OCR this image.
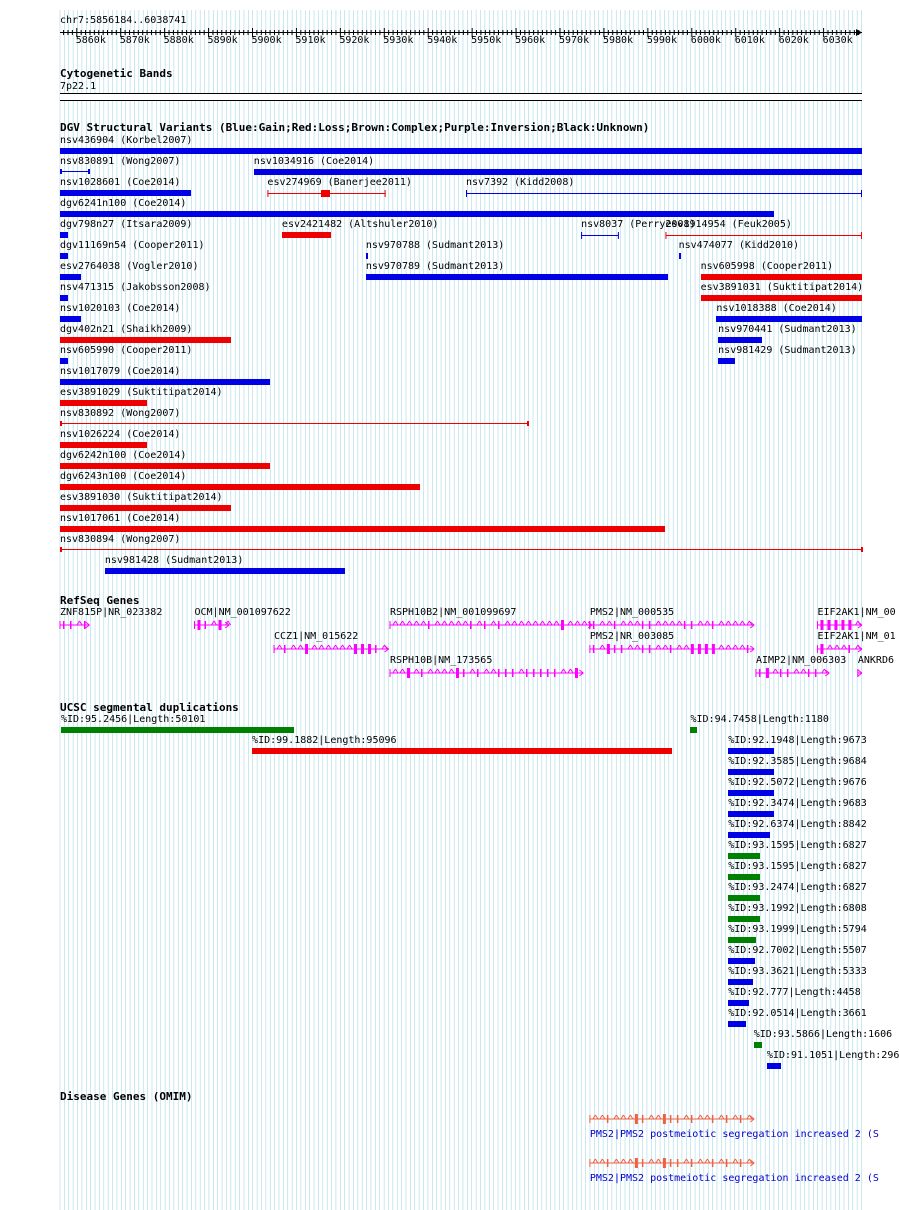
chr7:5856184..6038741
5860k 5870k 5880k 5890k 5900k 5910k 5920k 5930k 5940k 5950k 5960k 5970k 5980k 5990k 6000k 6010k 6020k 6030k
Cytogenetic Bands
7p22.1
DGV Structural Variants (Blue:Gain;Red:Loss;Brown:Complex;Purple:Inversion;Black:Unknown)
nsv436904 (Korbel2007)
nsv830891 (Wong2007)	nsv1034916 (Coe2014)
nsv1028601 (Coe2014)	esv274969 (Banerjee2011)	nsv7392 (Kidd2008)
dgv6241n100 (Coe2014)
dgv798n27 (Itsara2009)	esv2421482 (Altshuler2010)	nsv8037 (Perry2008)
esv1914954 (Feuk2005)
dgv11169n54 (Cooper2011)	nsv970788 (Sudmant2013)	nsv474077 (Kidd2010)
esv2764038 (Vogler2010)	nsv970789 (Sudmant2013)	nsv605998 (Cooper2011)
nsv471315 (Jakobsson2008)	esv3891031 (Suktitipat2014)
nsv1020103 (Coe2014)	nsv1018388 (Coe2014)
dgv402n21 (Shaikh2009)	nsv970441 (Sudmant2013)
nsv605990 (Cooper2011)	nsv981429 (Sudmant2013)
nsv1017079 (Coe2014)
esv3891029 (Suktitipat2014)
nsv830892 (Wong2007)
nsv1026224 (Coe2014)
dgv6242n100 (Coe2014)
dgv6243n100 (Coe2014)
esv3891030 (Suktitipat2014)
nsv1017061 (Coe2014)
nsv830894 (Wong2007)
nsv981428 (Sudmant2013)
RefSeq Genes
ZNF815P|NR_023382	OCM|NM_001097622	RSPH10B2|NM_001099697	PMS2|NM_000535	EIF2AK1|NM_00
CCZ1|NM_015622	PMS2|NR_003085	EIF2AK1|NM_01
RSPH10B|NM_173565	AIMP2|NM_006303 ANKRD6
UCSC segmental duplications
%ID:95.2456|Length:50101	%ID:94.7458|Length:1180
%ID:99.1882|Length:95096	%ID:92.1948|Length:9673
%ID:92.3585|Length:9684
%ID:92.5072|Length:9676
%ID:92.3474|Length:9683
%ID:92.6374|Length:8842
%ID:93.1595|Length:6827
%ID:93.1595|Length:6827
%ID:93.2474|Length:6827
%ID:93.1992|Length:6808
%ID:93.1999|Length:5794
%ID:92.7002|Length:5507
%ID:93.3621|Length:5333
%ID:92.777|Length:4458
%ID:92.0514|Length:3661
%ID:93.5866|Length:1606
%ID:91.1051|Length:296
Disease Genes (OMIM)
PMS2|PMS2 postmeiotic segregation increased 2 (S
PMS2|PMS2 postmeiotic segregation increased 2 (S
